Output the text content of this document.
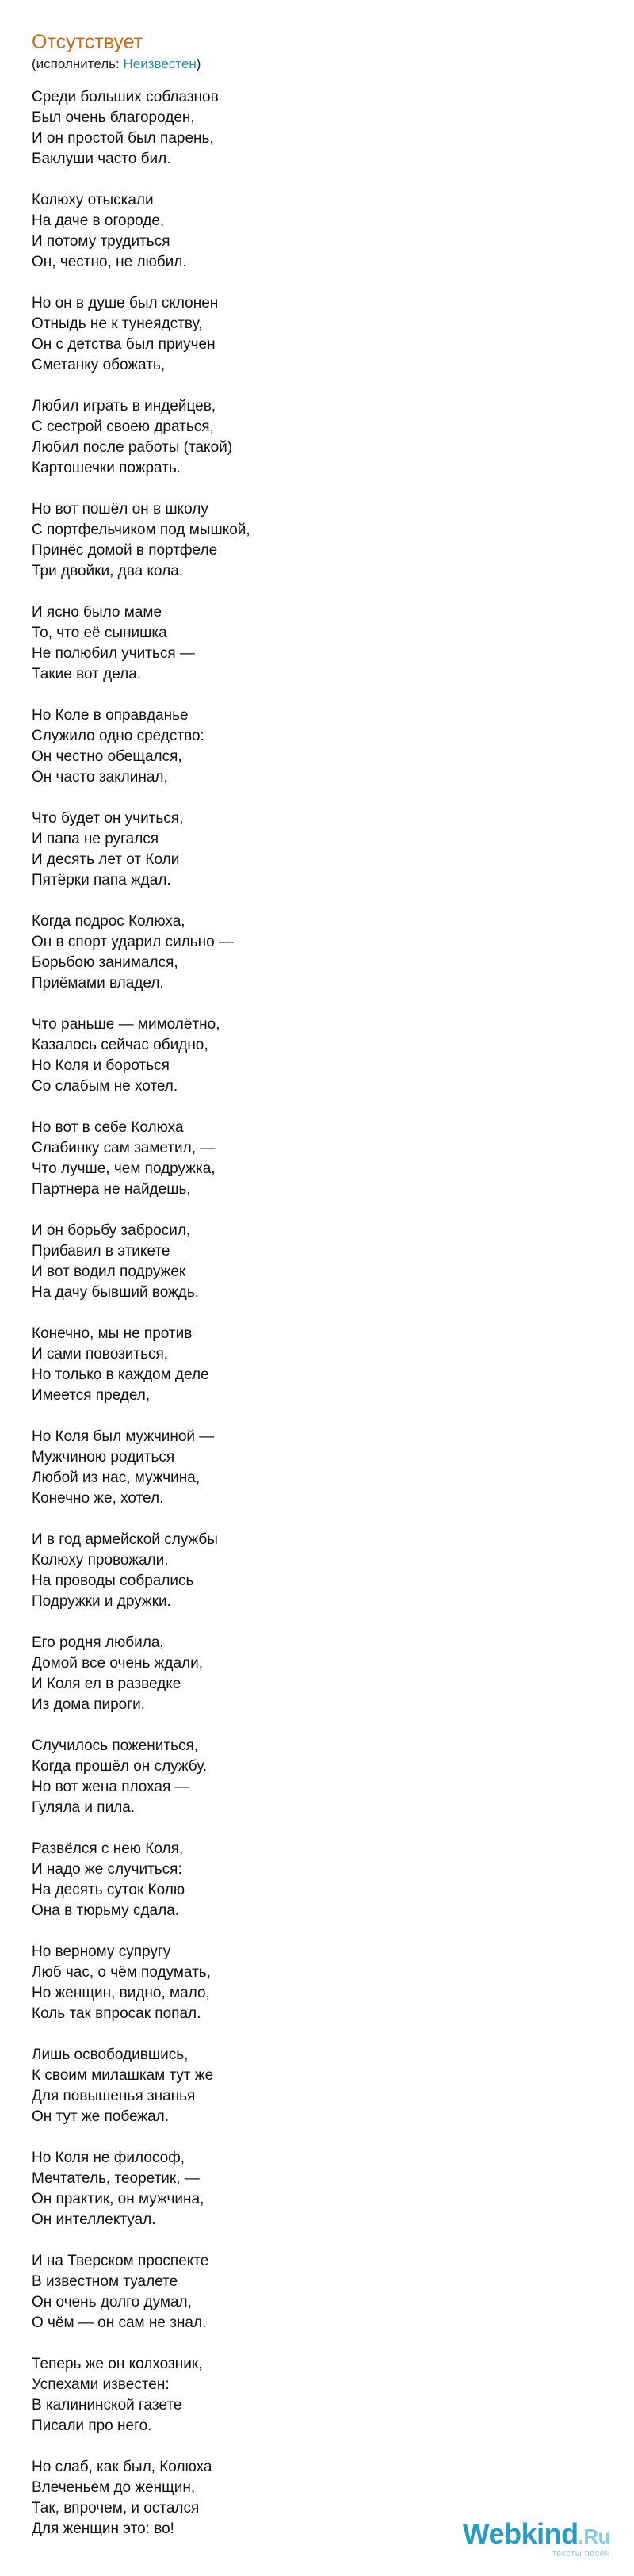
Отсутствует
(исполнитель: Неизвестен)
Среди больших соблазнов
Был очень благороден,
И он простой был парень,
Баклуши часто бил.
Колюху отыскали
На даче в огороде,
И потому трудиться
Он, честно, не любил.
Но он в душе был склонен
Отныдь не к тунеядству,
Он с детства был приучен
Сметанку обожать,
Любил играть в индейцев,
С сестрой своею драться,
Любил после работы (такой)
Картошечки пожрать.
Но вот пошёл он в школу
С портфельчиком под мышкой,
Принёс домой в портфеле
Три двойки, два кола.
И ясно было маме
То, что её сынишка
Не полюбил учиться —
Такие вот дела.
Но Коле в оправданье
Служило одно средство:
Он честно обещался,
Он часто заклинал,
Что будет он учиться,
И папа не ругался
И десять лет от Коли
Пятёрки папа ждал.
Когда подрос Колюха,
Он в спорт ударил сильно —
Борьбою занимался,
Приёмами владел.
Что раньше — мимолётно,
Казалось сейчас обидно,
Но Коля и бороться
Со слабым не хотел.
Но вот в себе Колюха
Слабинку сам заметил, —
Что лучше, чем подружка,
Партнера не найдешь,
И он борьбу забросил,
Прибавил в этикете
И вот водил подружек
На дачу бывший вождь.
Конечно, мы не против
И сами повозиться,
Но только в каждом деле
Имеется предел,
Но Коля был мужчиной —
Мужчиною родиться
Любой из нас, мужчина,
Конечно же, хотел.
И в год армейской службы
Колюху провожали.
На проводы собрались
Подружки и дружки.
Его родня любила,
Домой все очень ждали,
И Коля ел в разведке
Из дома пироги.
Случилось пожениться,
Когда прошёл он службу.
Но вот жена плохая —
Гуляла и пила.
Развёлся с нею Коля,
И надо же случиться:
На десять суток Колю
Она в тюрьму сдала.
Но верному супругу
Люб час, о чём подумать,
Но женщин, видно, мало,
Коль так впросак попал.
Лишь освободившись,
К своим милашкам тут же
Для повышенья знанья
Он тут же побежал.
Но Коля не философ,
Мечтатель, теоретик, —
Он практик, он мужчина,
Он интеллектуал.
И на Тверском проспекте
В известном туалете
Он очень долго думал,
О чём — он сам не знал.
Теперь же он колхозник,
Успехами известен:
В калининской газете
Писали про него.
Но слаб, как был, Колюха
Влеченьем до женщин,
Так, впрочем, и остался
Для женщин это: во!	Webkind.Ru
тексты песен
